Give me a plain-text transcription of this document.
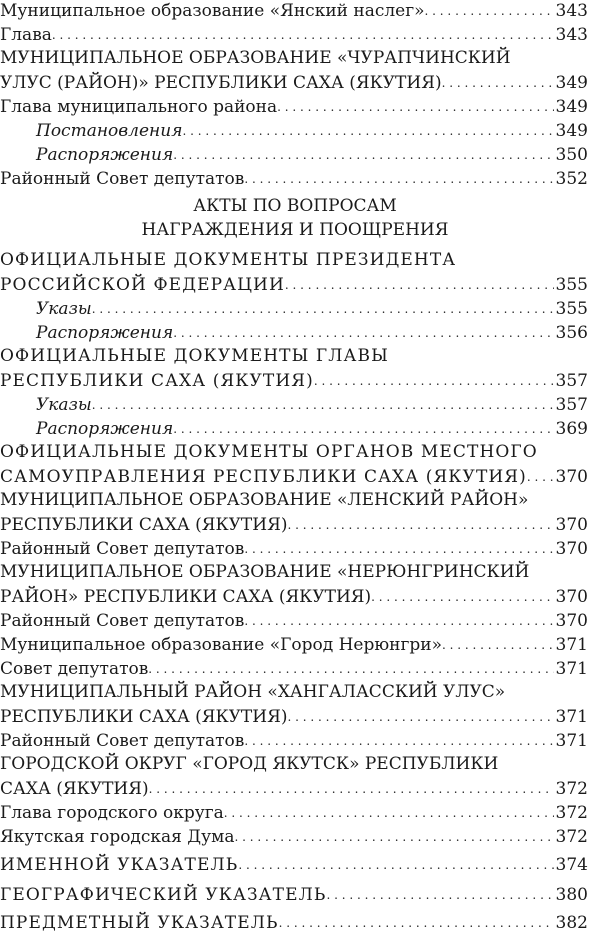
Муниципальное образование «Янский наслег» . . .	343
Глава . . .	343
МУНИЦИПАЛЬНОЕ ОБРАЗОВАНИЕ «ЧУРАПЧИНСКИЙ
УЛУС (РАЙОН)» РЕСПУБЛИКИ САХА (ЯКУТИЯ) . . .	349
Глава муниципального района . . .	349
Постановления . . .	349
Распоряжения . . .	350
Районный Совет депутатов . . .	352
АКТЫ ПО ВОПРОСАМ
НАГРАЖДЕНИЯ И ПООЩРЕНИЯ
ОФИЦИАЛЬНЫЕ ДОКУМЕНТЫ ПРЕЗИДЕНТА
РОССИЙСКОЙ ФЕДЕРАЦИИ . . .	355
Указы . . .	355
Распоряжения . . .	356
ОФИЦИАЛЬНЫЕ ДОКУМЕНТЫ ГЛАВЫ
РЕСПУБЛИКИ САХА (ЯКУТИЯ) . . .	357
Указы . . .	357
Распоряжения . . .	369
ОФИЦИАЛЬНЫЕ ДОКУМЕНТЫ ОРГАНОВ МЕСТНОГО
САМОУПРАВЛЕНИЯ РЕСПУБЛИКИ САХА (ЯКУТИЯ) . . . 370
МУНИЦИПАЛЬНОЕ ОБРАЗОВАНИЕ «ЛЕНСКИЙ РАЙОН»
РЕСПУБЛИКИ САХА (ЯКУТИЯ) . . .	370
Районный Совет депутатов . . .	370
МУНИЦИПАЛЬНОЕ ОБРАЗОВАНИЕ «НЕРЮНГРИНСКИЙ
РАЙОН» РЕСПУБЛИКИ САХА (ЯКУТИЯ) . . .	370
Районный Совет депутатов . . .	370
Муниципальное образование «Город Нерюнгри» . . .	371
Совет депутатов . . .	371
МУНИЦИПАЛЬНЫЙ РАЙОН «ХАНГАЛАССКИЙ УЛУС»
РЕСПУБЛИКИ САХА (ЯКУТИЯ) . . .	371
Районный Совет депутатов . . .	371
ГОРОДСКОЙ ОКРУГ «ГОРОД ЯКУТСК» РЕСПУБЛИКИ
САХА (ЯКУТИЯ) . . .	372
Глава городского округа . . .	372
Якутская городская Дума . . .	372
ИМЕННОЙ УКАЗАТЕЛЬ . . .	374
ГЕОГРАФИЧЕСКИЙ УКАЗАТЕЛЬ . . .	380
ПРЕДМЕТНЫЙ УКАЗАТЕЛЬ . . .	382
